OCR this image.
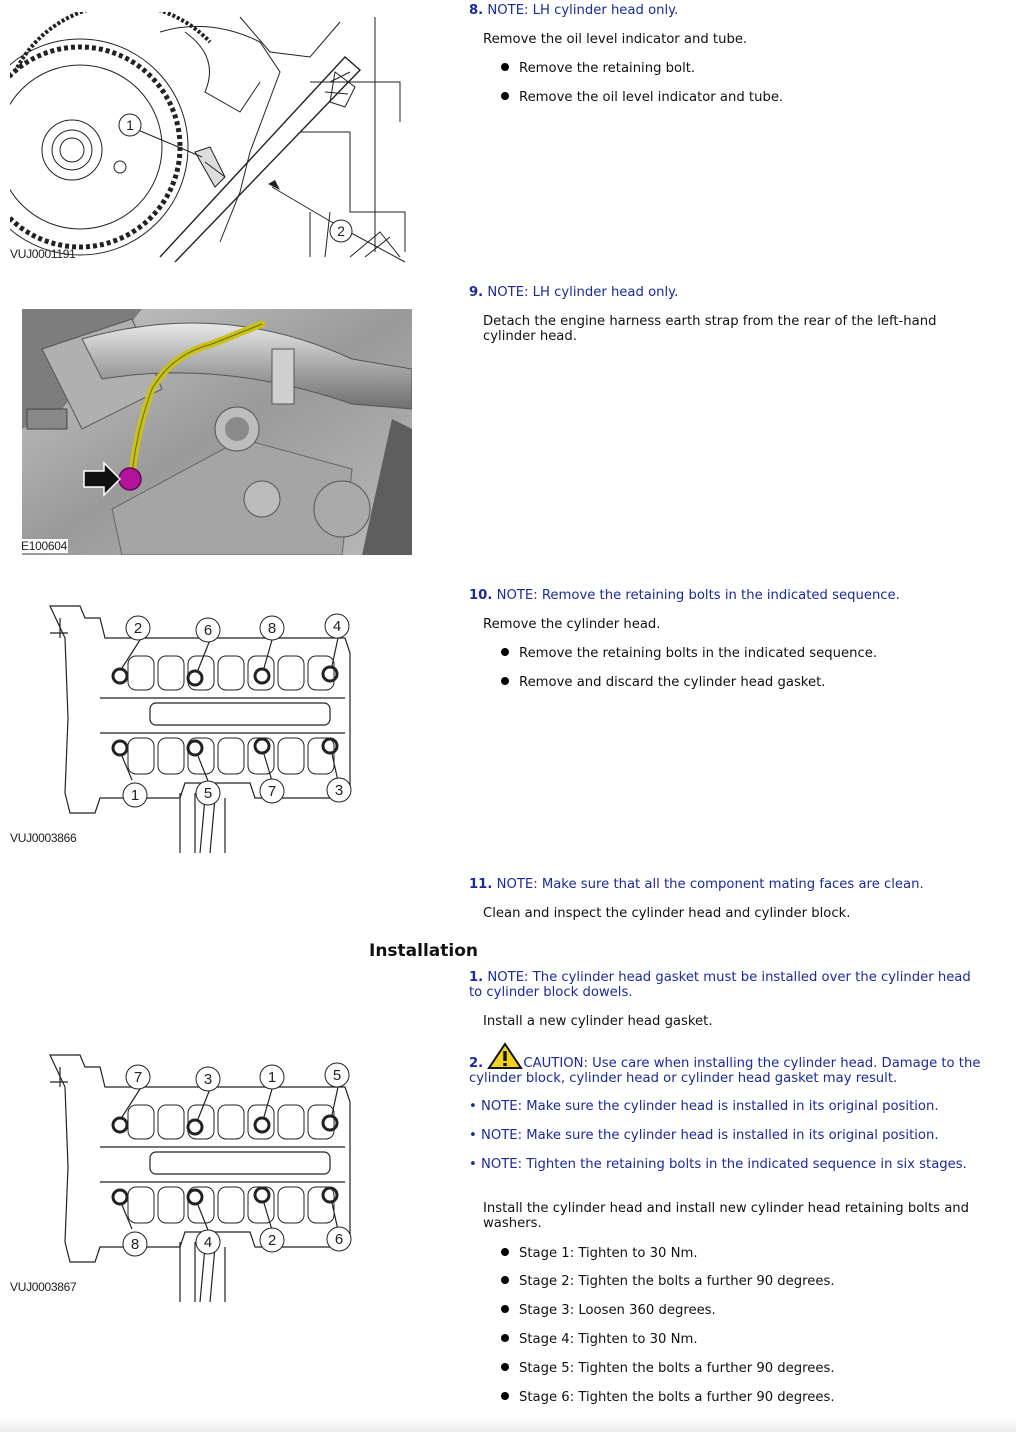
1
2
VUJ0001191
E100604
2	6	8	4
1	5	7	3
VUJ0003866
7	3	1	5
8	4	2	6
VUJ0003867
8. NOTE: LH cylinder head only.
Remove the oil level indicator and tube.
Remove the retaining bolt.
Remove the oil level indicator and tube.
9. NOTE: LH cylinder head only.
Detach the engine harness earth strap from the rear of the left-hand cylinder head.
10. NOTE: Remove the retaining bolts in the indicated sequence.
Remove the cylinder head.
Remove the retaining bolts in the indicated sequence.
Remove and discard the cylinder head gasket.
11. NOTE: Make sure that all the component mating faces are clean.
Clean and inspect the cylinder head and cylinder block.
Installation
1. NOTE: The cylinder head gasket must be installed over the cylinder head to cylinder block dowels.
Install a new cylinder head gasket.
2.	CAUTION: Use care when installing the cylinder head. Damage to the cylinder block, cylinder head or cylinder head gasket may result.
• NOTE: Make sure the cylinder head is installed in its original position.
• NOTE: Make sure the cylinder head is installed in its original position.
• NOTE: Tighten the retaining bolts in the indicated sequence in six stages.
Install the cylinder head and install new cylinder head retaining bolts and washers.
Stage 1: Tighten to 30 Nm.
Stage 2: Tighten the bolts a further 90 degrees.
Stage 3: Loosen 360 degrees.
Stage 4: Tighten to 30 Nm.
Stage 5: Tighten the bolts a further 90 degrees.
Stage 6: Tighten the bolts a further 90 degrees.
